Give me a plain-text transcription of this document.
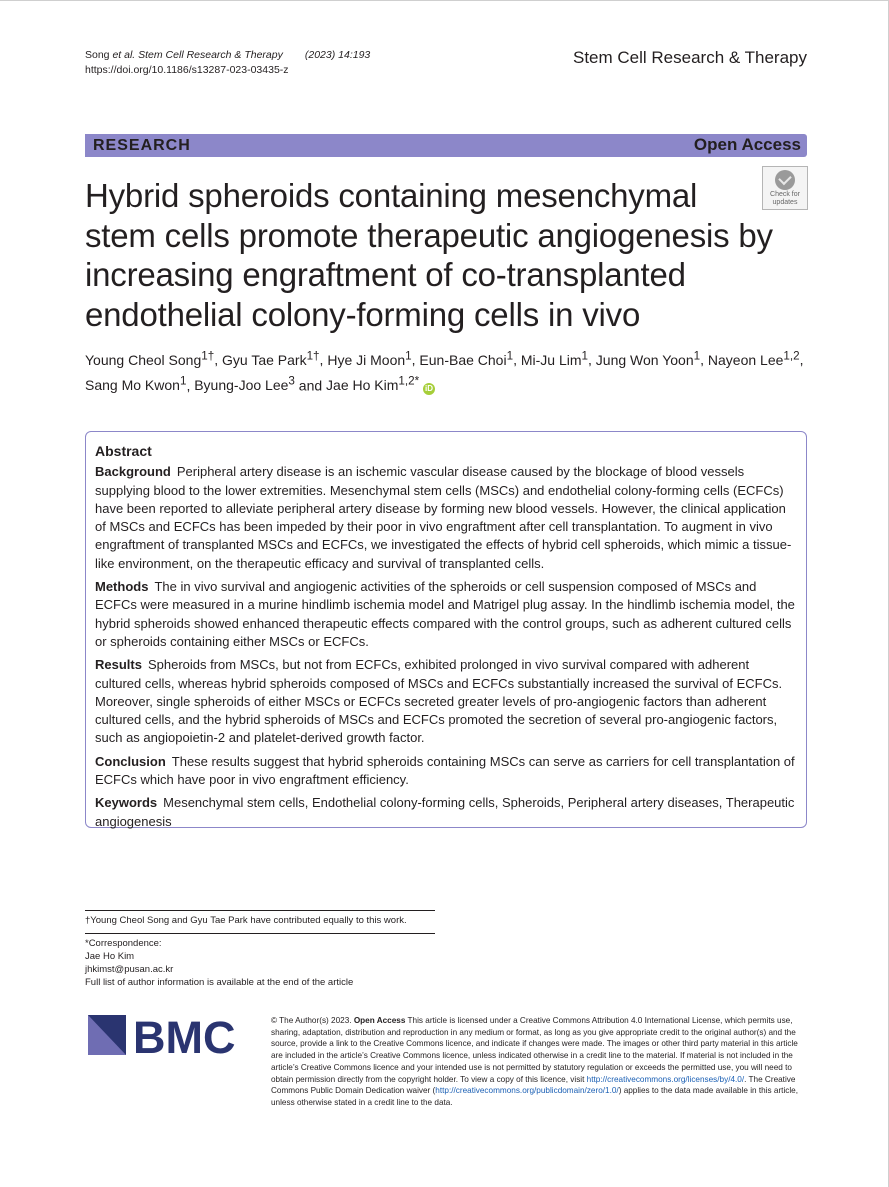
Song et al. Stem Cell Research & Therapy (2023) 14:193
https://doi.org/10.1186/s13287-023-03435-z
Stem Cell Research & Therapy
RESEARCH	Open Access
Hybrid spheroids containing mesenchymal stem cells promote therapeutic angiogenesis by increasing engraftment of co-transplanted endothelial colony-forming cells in vivo
Check for
updates
Young Cheol Song$^{1\dagger}$, Gyu Tae Park$^{1\dagger}$, Hye Ji Moon$^1$, Eun-Bae Choi$^1$, Mi-Ju Lim$^1$, Jung Won Yoon$^1$, Nayeon Lee$^{1,2}$, Sang Mo Kwon$^1$, Byung-Joo Lee$^3$ and Jae Ho Kim$^{1,2*}$ iD
Abstract

Background Peripheral artery disease is an ischemic vascular disease caused by the blockage of blood vessels supplying blood to the lower extremities. Mesenchymal stem cells (MSCs) and endothelial colony-forming cells (ECFCs) have been reported to alleviate peripheral artery disease by forming new blood vessels. However, the clinical application of MSCs and ECFCs has been impeded by their poor in vivo engraftment after cell transplantation. To augment in vivo engraftment of transplanted MSCs and ECFCs, we investigated the effects of hybrid cell spheroids, which mimic a tissue-like environment, on the therapeutic efficacy and survival of transplanted cells.

Methods The in vivo survival and angiogenic activities of the spheroids or cell suspension composed of MSCs and ECFCs were measured in a murine hindlimb ischemia model and Matrigel plug assay. In the hindlimb ischemia model, the hybrid spheroids showed enhanced therapeutic effects compared with the control groups, such as adherent cultured cells or spheroids containing either MSCs or ECFCs.

Results Spheroids from MSCs, but not from ECFCs, exhibited prolonged in vivo survival compared with adherent cultured cells, whereas hybrid spheroids composed of MSCs and ECFCs substantially increased the survival of ECFCs. Moreover, single spheroids of either MSCs or ECFCs secreted greater levels of pro-angiogenic factors than adherent cultured cells, and the hybrid spheroids of MSCs and ECFCs promoted the secretion of several pro-angiogenic factors, such as angiopoietin-2 and platelet-derived growth factor.

Conclusion These results suggest that hybrid spheroids containing MSCs can serve as carriers for cell transplantation of ECFCs which have poor in vivo engraftment efficiency.

Keywords Mesenchymal stem cells, Endothelial colony-forming cells, Spheroids, Peripheral artery diseases, Therapeutic angiogenesis

†Young Cheol Song and Gyu Tae Park have contributed equally to this work.
*Correspondence:
Jae Ho Kim
jhkimst@pusan.ac.kr
Full list of author information is available at the end of the article
BMC	© The Author(s) 2023. Open Access This article is licensed under a Creative Commons Attribution 4.0 International License, which permits use, sharing, adaptation, distribution and reproduction in any medium or format, as long as you give appropriate credit to the original author(s) and the source, provide a link to the Creative Commons licence, and indicate if changes were made. The images or other third party material in this article are included in the article’s Creative Commons licence, unless indicated otherwise in a credit line to the material. If material is not included in the article’s Creative Commons licence and your intended use is not permitted by statutory regulation or exceeds the permitted use, you will need to obtain permission directly from the copyright holder. To view a copy of this licence, visit http://creativecommons.org/licenses/by/4.0/. The Creative Commons Public Domain Dedication waiver (http://creativecommons.org/publicdomain/zero/1.0/) applies to the data made available in this article, unless otherwise stated in a credit line to the data.
